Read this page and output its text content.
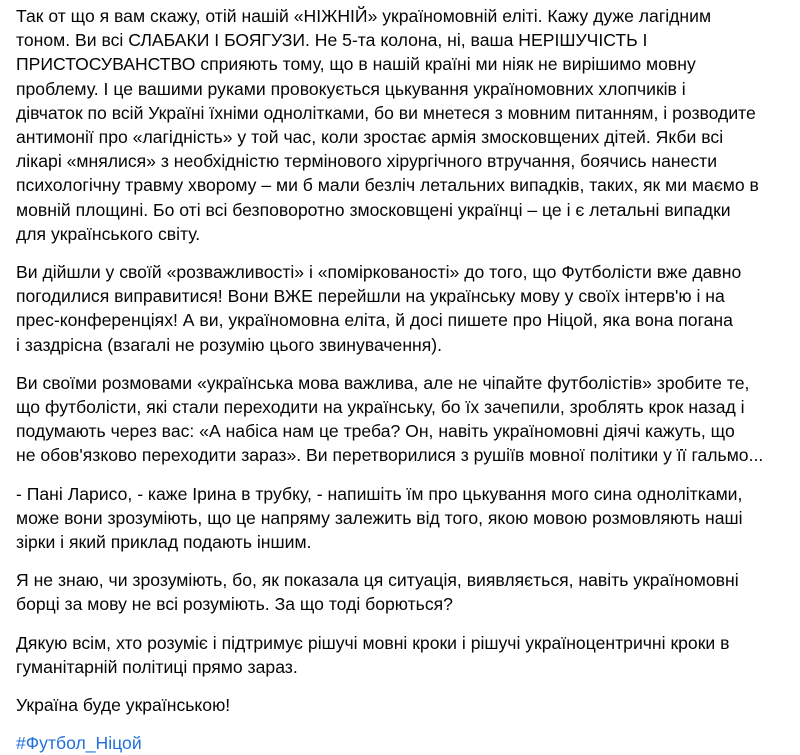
Так от що я вам скажу, отій нашій «НІЖНІЙ» україномовній еліті. Кажу дуже лагідним
тоном. Ви всі СЛАБАКИ І БОЯГУЗИ. Не 5-та колона, ні, ваша НЕРІШУЧІСТЬ І
ПРИСТОСУВАНСТВО сприяють тому, що в нашій країні ми ніяк не вирішимо мовну
проблему. І це вашими руками провокується цькування україномовних хлопчиків і
дівчаток по всій Україні їхніми однолітками, бо ви мнетеся з мовним питанням, і розводите
антимонії про «лагідність» у той час, коли зростає армія змосковщених дітей. Якби всі
лікарі «мнялися» з необхідністю термінового хірургічного втручання, боячись нанести
психологічну травму хворому – ми б мали безліч летальних випадків, таких, як ми маємо в
мовній площині. Бо оті всі безповоротно змосковщені українці – це і є летальні випадки
для українського світу.

Ви дійшли у своїй «розважливості» і «поміркованості» до того, що Футболісти вже давно
погодилися виправитися! Вони ВЖЕ перейшли на українську мову у своїх інтерв'ю і на
прес-конференціях! А ви, україномовна еліта, й досі пишете про Ніцой, яка вона погана
і заздрісна (взагалі не розумію цього звинувачення).

Ви своїми розмовами «українська мова важлива, але не чіпайте футболістів» зробите те,
що футболісти, які стали переходити на українську, бо їх зачепили, зроблять крок назад і
подумають через вас: «А набіса нам це треба? Он, навіть україномовні діячі кажуть, що
не обов'язково переходити зараз». Ви перетворилися з рушіїв мовної політики у її гальмо...

- Пані Ларисо, - каже Ірина в трубку, - напишіть їм про цькування мого сина однолітками,
може вони зрозуміють, що це напряму залежить від того, якою мовою розмовляють наші
зірки і який приклад подають іншим.

Я не знаю, чи зрозуміють, бо, як показала ця ситуація, виявляється, навіть україномовні
борці за мову не всі розуміють. За що тоді борються?

Дякую всім, хто розуміє і підтримує рішучі мовні кроки і рішучі україноцентричні кроки в
гуманітарній політиці прямо зараз.

Україна буде українською!

#Футбол_Ніцой
